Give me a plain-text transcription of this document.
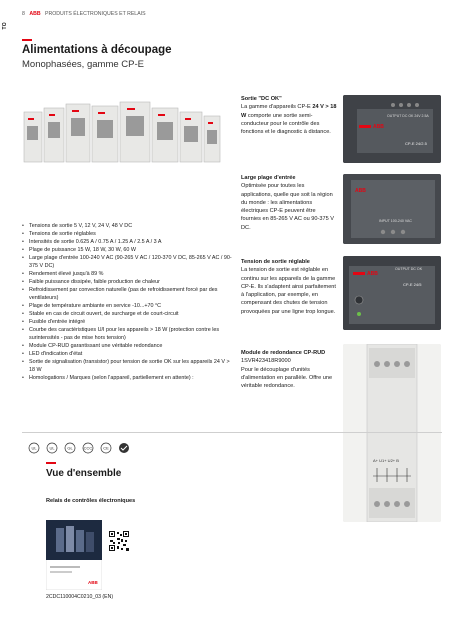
TO
8 ABB PRODUITS ÉLECTRONIQUES ET RELAIS
Alimentations à découpage
Monophasées, gamme CP-E
• Tensions de sortie 5 V, 12 V, 24 V, 48 V DC
• Tensions de sortie réglables
• Intensités de sortie 0.625 A / 0.75 A / 1.25 A / 2.5 A / 3 A
• Plage de puissance 15 W, 18 W, 30 W, 60 W
• Large plage d'entrée 100-240 V AC (90-265 V AC / 120-370 V DC, 85-265 V AC / 90-375 V DC)
• Rendement élevé jusqu'à 89 %
• Faible puissance dissipée, faible production de chaleur
• Refroidissement par convection naturelle (pas de refroidissement forcé par des ventilateurs)
• Plage de température ambiante en service -10...+70 °C
• Stable en cas de circuit ouvert, de surcharge et de court-circuit
• Fusible d'entrée intégré
• Courbe des caractéristiques U/I pour les appareils > 18 W (protection contre les surintensités - pas de mise hors tension)
• Module CP-RUD garantissant une véritable redondance
• LED d'indication d'état
• Sortie de signalisation (transistor) pour tension de sortie OK sur les appareils 24 V > 18 W
• Homologations / Marques (selon l'appareil, partiellement en attente) :
UL	UL	GL	CCC	CE
Sortie "DC OK"
La gamme d'appareils CP-E 24 V > 18 W comporte une sortie semi-conducteur pour le contrôle des fonctions et le diagnostic à distance.
ABB
OUTPUT DC OK 24V 2.5A
CP-E 24/2.5
Large plage d'entrée
Optimisée pour toutes les applications, quelle que soit la région du monde : les alimentations électriques CP-E peuvent être fournies en 85-265 V AC ou 90-375 V DC.
ABB
INPUT 100-240 VAC
Tension de sortie réglable
La tension de sortie est réglable en continu sur les appareils de la gamme CP-E. Ils s'adaptent ainsi parfaitement à l'application, par exemple, en compensant des chutes de tension provoquées par une ligne trop longue.
ABB
OUTPUT DC OK
CP-E 24/5
Module de redondance CP-RUD
1SVR423418R9000
Pour le découplage d'unités d'alimentation en parallèle. Offre une véritable redondance.
A+ U1+ U2+ B
Vue d'ensemble
Relais de contrôles électroniques
ABB
2CDC110004C0210_03 (EN)
